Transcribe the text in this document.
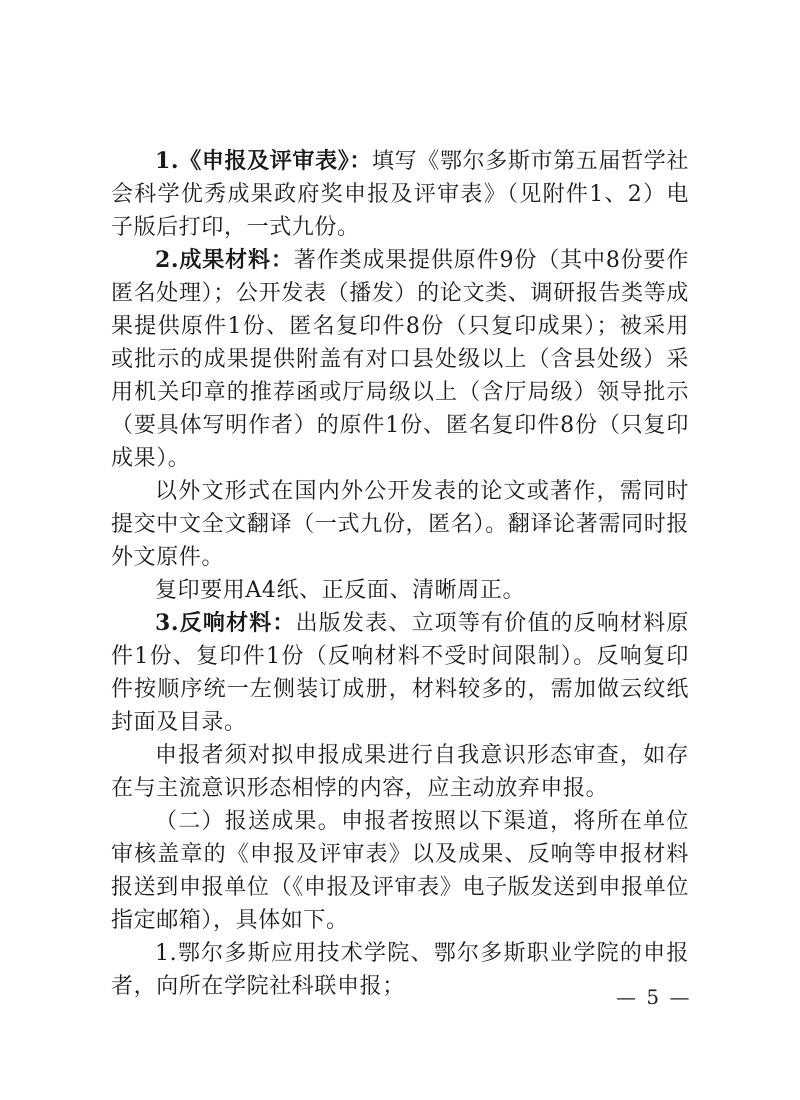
1.《申报及评审表》：填写《鄂尔多斯市第五届哲学社会科学优秀成果政府奖申报及评审表》（见附件1、2）电子版后打印，一式九份。

2.成果材料：著作类成果提供原件9份（其中8份要作匿名处理）；公开发表（播发）的论文类、调研报告类等成果提供原件1份、匿名复印件8份（只复印成果）；被采用或批示的成果提供附盖有对口县处级以上（含县处级）采用机关印章的推荐函或厅局级以上（含厅局级）领导批示（要具体写明作者）的原件1份、匿名复印件8份（只复印成果）。

以外文形式在国内外公开发表的论文或著作，需同时提交中文全文翻译（一式九份，匿名）。翻译论著需同时报外文原件。

复印要用A4纸、正反面、清晰周正。

3.反响材料：出版发表、立项等有价值的反响材料原件1份、复印件1份（反响材料不受时间限制）。反响复印件按顺序统一左侧装订成册，材料较多的，需加做云纹纸封面及目录。

申报者须对拟申报成果进行自我意识形态审查，如存在与主流意识形态相悖的内容，应主动放弃申报。

（二）报送成果。申报者按照以下渠道，将所在单位审核盖章的《申报及评审表》以及成果、反响等申报材料报送到申报单位（《申报及评审表》电子版发送到申报单位指定邮箱），具体如下。

1.鄂尔多斯应用技术学院、鄂尔多斯职业学院的申报者，向所在学院社科联申报；	— 5 —
